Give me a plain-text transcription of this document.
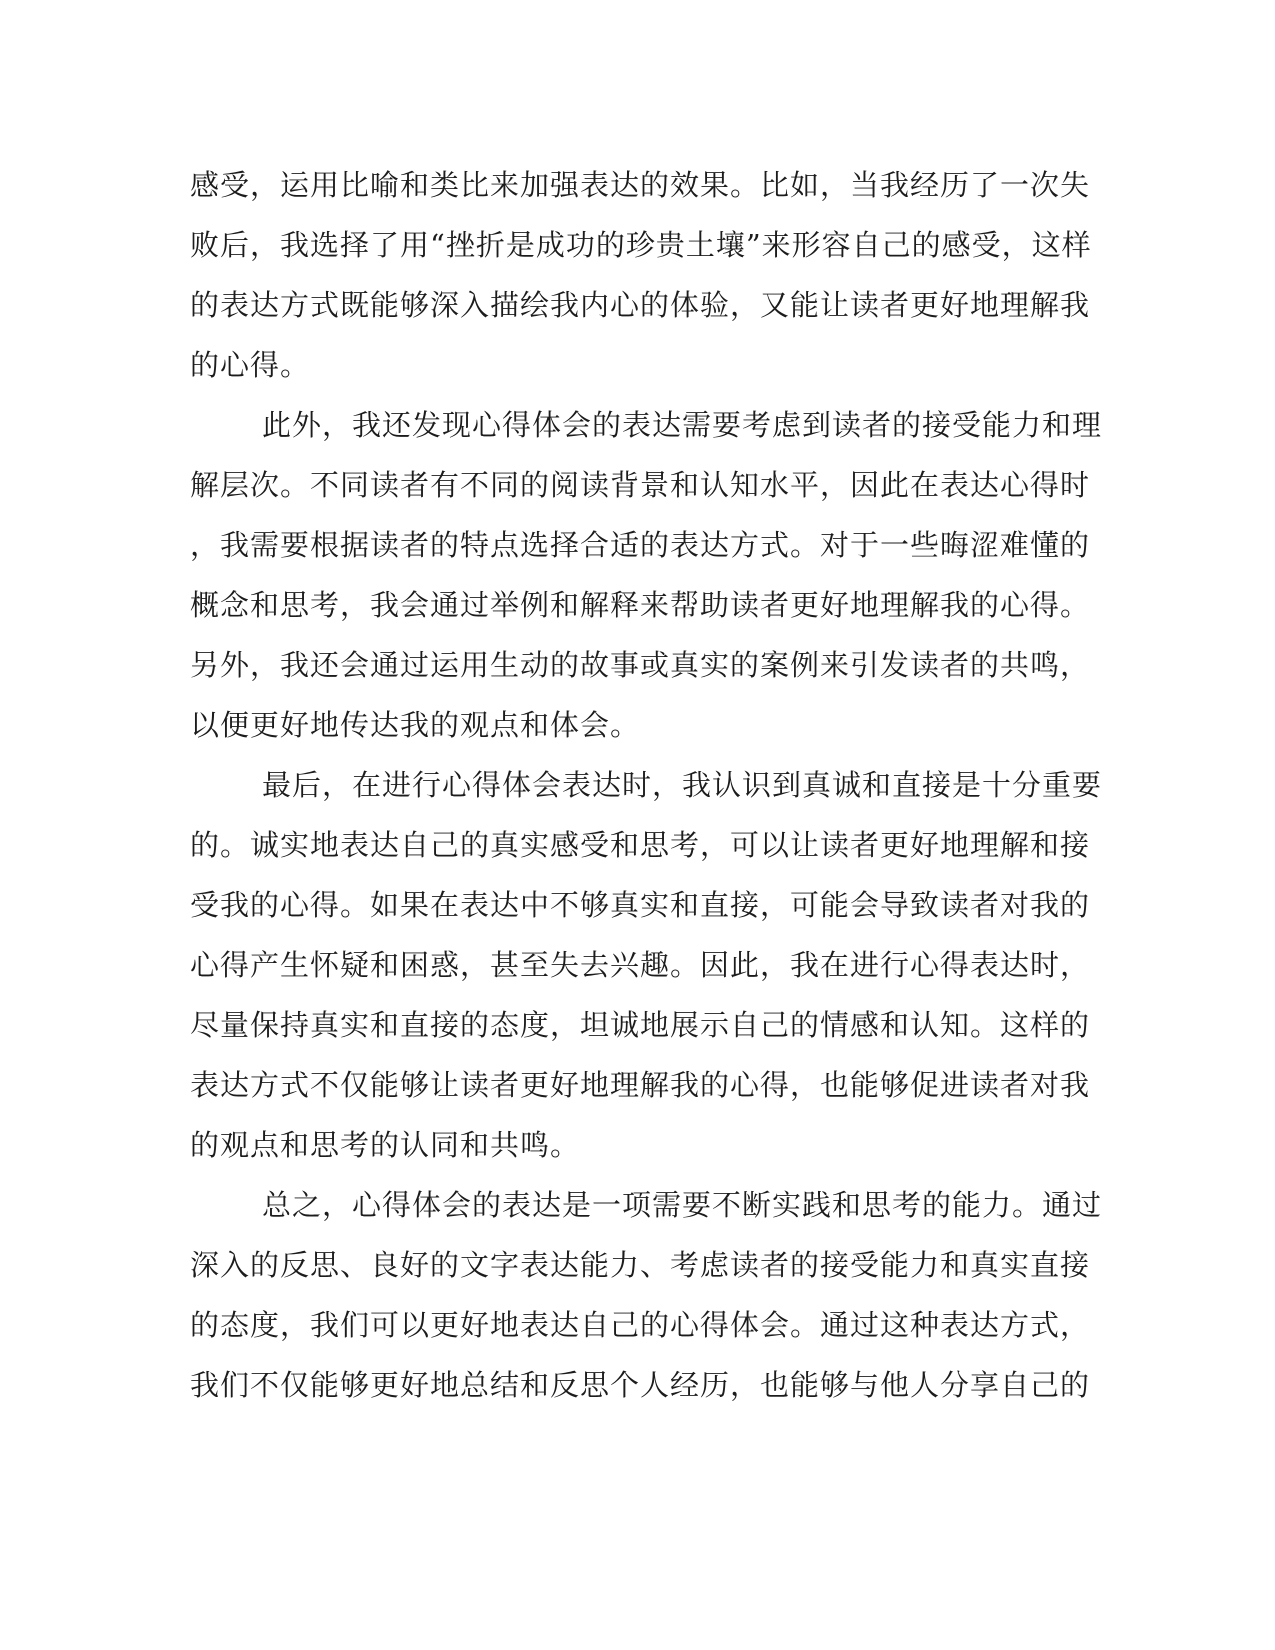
感受，运用比喻和类比来加强表达的效果。比如，当我经历了一次失
败后，我选择了用“挫折是成功的珍贵土壤”来形容自己的感受，这样
的表达方式既能够深入描绘我内心的体验，又能让读者更好地理解我
的心得。
此外，我还发现心得体会的表达需要考虑到读者的接受能力和理
解层次。不同读者有不同的阅读背景和认知水平，因此在表达心得时
，我需要根据读者的特点选择合适的表达方式。对于一些晦涩难懂的
概念和思考，我会通过举例和解释来帮助读者更好地理解我的心得。
另外，我还会通过运用生动的故事或真实的案例来引发读者的共鸣，
以便更好地传达我的观点和体会。
最后，在进行心得体会表达时，我认识到真诚和直接是十分重要
的。诚实地表达自己的真实感受和思考，可以让读者更好地理解和接
受我的心得。如果在表达中不够真实和直接，可能会导致读者对我的
心得产生怀疑和困惑，甚至失去兴趣。因此，我在进行心得表达时，
尽量保持真实和直接的态度，坦诚地展示自己的情感和认知。这样的
表达方式不仅能够让读者更好地理解我的心得，也能够促进读者对我
的观点和思考的认同和共鸣。
总之，心得体会的表达是一项需要不断实践和思考的能力。通过
深入的反思、良好的文字表达能力、考虑读者的接受能力和真实直接
的态度，我们可以更好地表达自己的心得体会。通过这种表达方式，
我们不仅能够更好地总结和反思个人经历，也能够与他人分享自己的
